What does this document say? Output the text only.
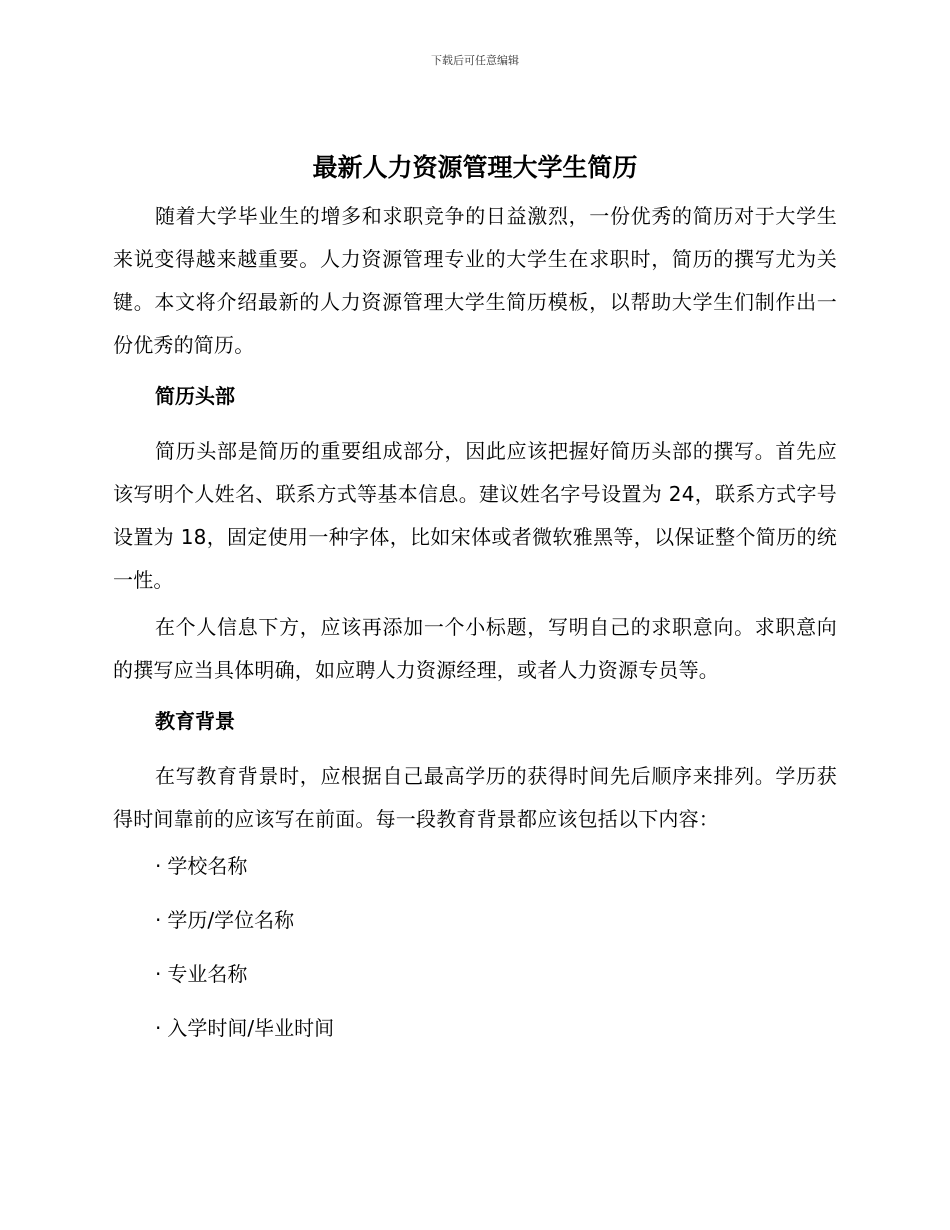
下载后可任意编辑
最新人力资源管理大学生简历

随着大学毕业生的增多和求职竞争的日益激烈，一份优秀的简历对于大学生来说变得越来越重要。人力资源管理专业的大学生在求职时，简历的撰写尤为关键。本文将介绍最新的人力资源管理大学生简历模板，以帮助大学生们制作出一份优秀的简历。

简历头部

简历头部是简历的重要组成部分，因此应该把握好简历头部的撰写。首先应该写明个人姓名、联系方式等基本信息。建议姓名字号设置为 24，联系方式字号设置为 18，固定使用一种字体，比如宋体或者微软雅黑等，以保证整个简历的统一性。

在个人信息下方，应该再添加一个小标题，写明自己的求职意向。求职意向的撰写应当具体明确，如应聘人力资源经理，或者人力资源专员等。

教育背景

在写教育背景时，应根据自己最高学历的获得时间先后顺序来排列。学历获得时间靠前的应该写在前面。每一段教育背景都应该包括以下内容：

· 学校名称
· 学历/学位名称
· 专业名称
· 入学时间/毕业时间
